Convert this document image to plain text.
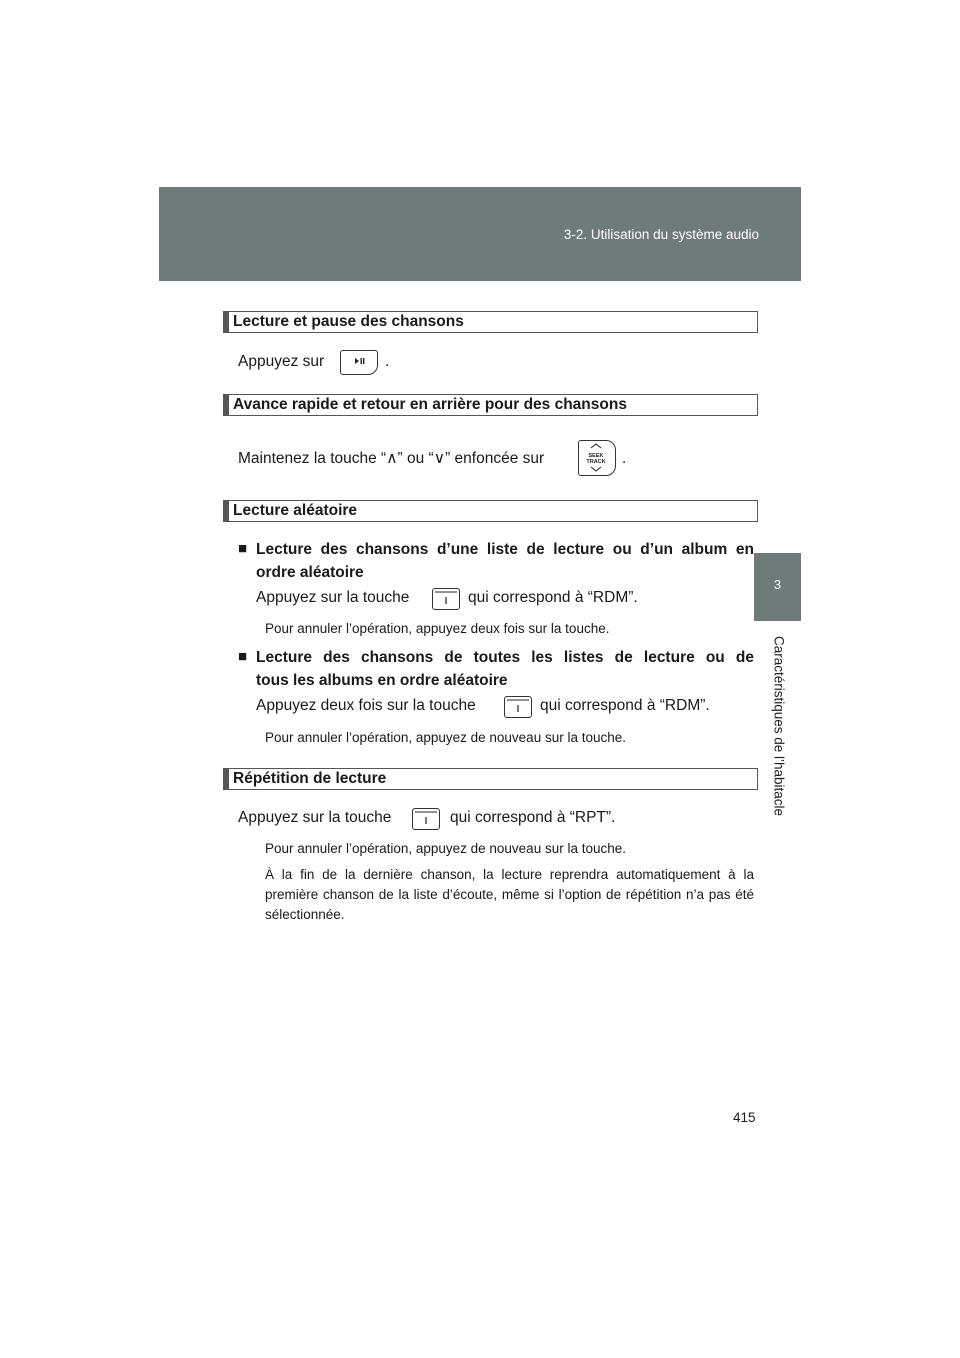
3-2. Utilisation du système audio
3
Caractéristiques de l’habitacle
Lecture et pause des chansons
Appuyez sur	.
Avance rapide et retour en arrière pour des chansons
Maintenez la touche “∧” ou “∨” enfoncée sur	SEEK
TRACK .
Lecture aléatoire
■ Lecture des chansons d’une liste de lecture ou d’un album en
ordre aléatoire
Appuyez sur la touche	qui correspond à “RDM”.
Pour annuler l’opération, appuyez deux fois sur la touche.
■ Lecture des chansons de toutes les listes de lecture ou de
tous les albums en ordre aléatoire
Appuyez deux fois sur la touche	qui correspond à “RDM”.
Pour annuler l’opération, appuyez de nouveau sur la touche.
Répétition de lecture
Appuyez sur la touche	qui correspond à “RPT”.
Pour annuler l’opération, appuyez de nouveau sur la touche.
À la fin de la dernière chanson, la lecture reprendra automatiquement à la première chanson de la liste d’écoute, même si l’option de répétition n’a pas été sélectionnée.
415
